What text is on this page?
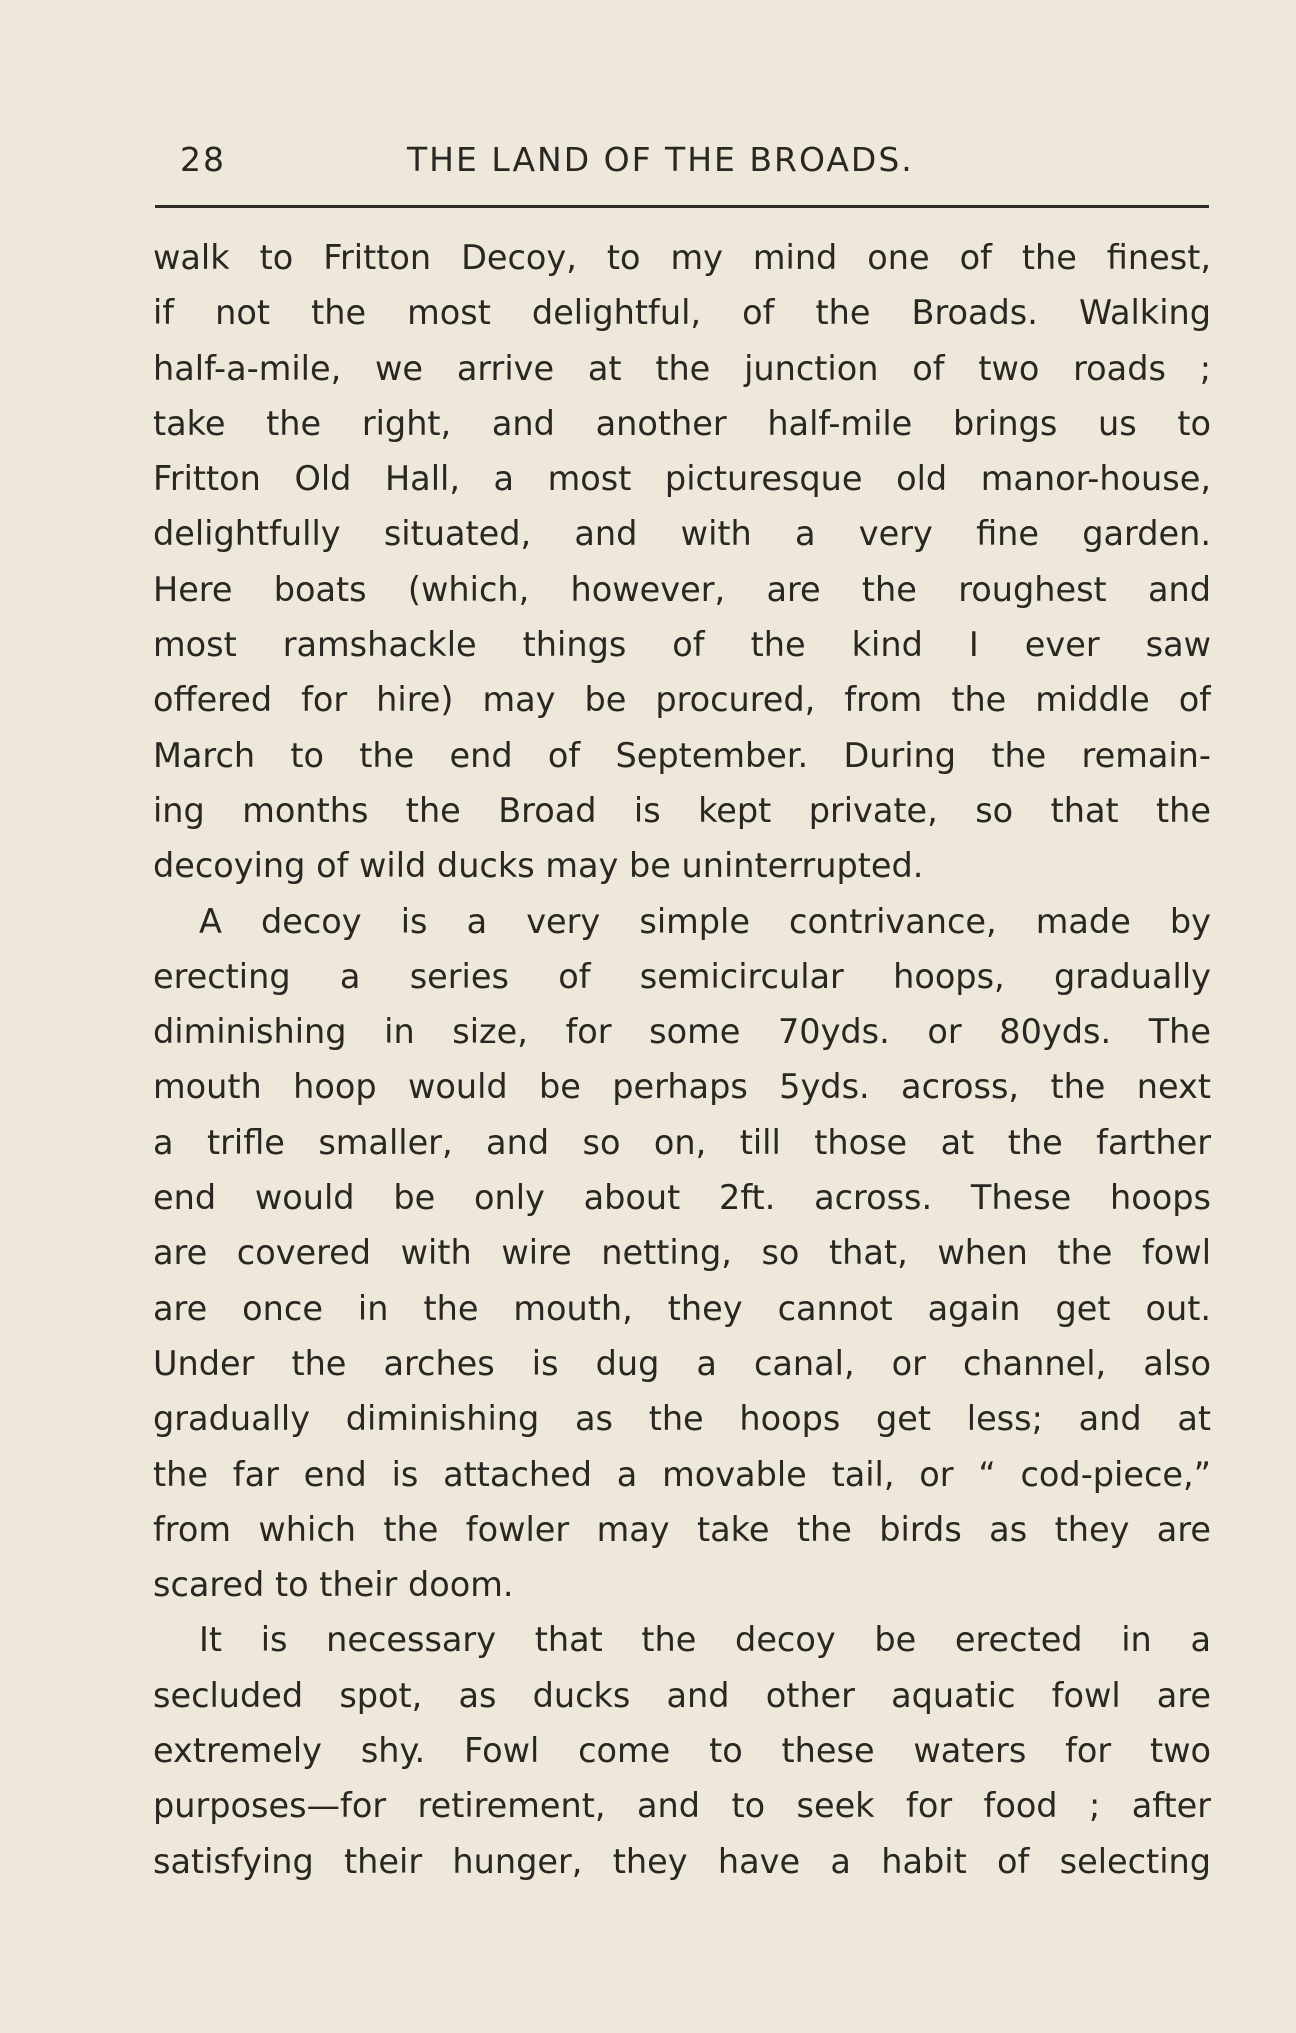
28	THE LAND OF THE BROADS.
walk to Fritton Decoy, to my mind one of the finest,
if not the most delightful, of the Broads. Walking
half-a-mile, we arrive at the junction of two roads ;
take the right, and another half-mile brings us to
Fritton Old Hall, a most picturesque old manor-house,
delightfully situated, and with a very fine garden.
Here boats (which, however, are the roughest and
most ramshackle things of the kind I ever saw
offered for hire) may be procured, from the middle of
March to the end of September. During the remain-
ing months the Broad is kept private, so that the
decoying of wild ducks may be uninterrupted.
A decoy is a very simple contrivance, made by
erecting a series of semicircular hoops, gradually
diminishing in size, for some 70yds. or 80yds. The
mouth hoop would be perhaps 5yds. across, the next
a trifle smaller, and so on, till those at the farther
end would be only about 2ft. across. These hoops
are covered with wire netting, so that, when the fowl
are once in the mouth, they cannot again get out.
Under the arches is dug a canal, or channel, also
gradually diminishing as the hoops get less; and at
the far end is attached a movable tail, or “ cod-piece,”
from which the fowler may take the birds as they are
scared to their doom.
It is necessary that the decoy be erected in a
secluded spot, as ducks and other aquatic fowl are
extremely shy. Fowl come to these waters for two
purposes—for retirement, and to seek for food ; after
satisfying their hunger, they have a habit of selecting
